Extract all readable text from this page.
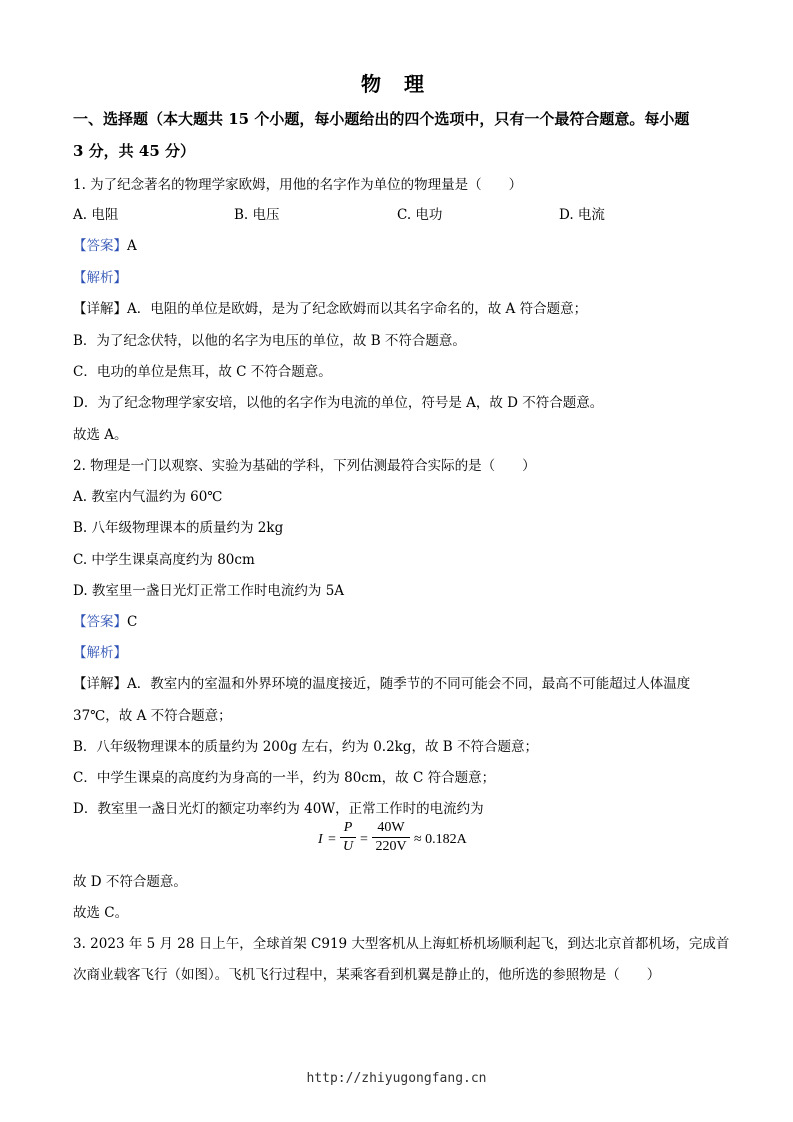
物 理
一、选择题（本大题共 15 个小题，每小题给出的四个选项中，只有一个最符合题意。每小题
3 分，共 45 分）
1. 为了纪念著名的物理学家欧姆，用他的名字作为单位的物理量是（　　）
A. 电阻	B. 电压	C. 电功	D. 电流
【答案】A
【解析】
【详解】A．电阻的单位是欧姆，是为了纪念欧姆而以其名字命名的，故 A 符合题意；
B．为了纪念伏特，以他的名字为电压的单位，故 B 不符合题意。
C．电功的单位是焦耳，故 C 不符合题意。
D．为了纪念物理学家安培，以他的名字作为电流的单位，符号是 A，故 D 不符合题意。
故选 A。
2. 物理是一门以观察、实验为基础的学科，下列估测最符合实际的是（　　）
A. 教室内气温约为 60℃
B. 八年级物理课本的质量约为 2kg
C. 中学生课桌高度约为 80cm
D. 教室里一盏日光灯正常工作时电流约为 5A
【答案】C
【解析】
【详解】A．教室内的室温和外界环境的温度接近，随季节的不同可能会不同，最高不可能超过人体温度
37℃，故 A 不符合题意；
B．八年级物理课本的质量约为 200g 左右，约为 0.2kg，故 B 不符合题意；
C．中学生课桌的高度约为身高的一半，约为 80cm，故 C 符合题意；
D．教室里一盏日光灯的额定功率约为 40W，正常工作时的电流约为
I =
P
U =
40W
220V ≈ 0.182A
故 D 不符合题意。
故选 C。
3. 2023 年 5 月 28 日上午，全球首架 C919 大型客机从上海虹桥机场顺利起飞，到达北京首都机场，完成首
次商业载客飞行（如图）。飞机飞行过程中，某乘客看到机翼是静止的，他所选的参照物是（　　）
http://zhiyugongfang.cn
